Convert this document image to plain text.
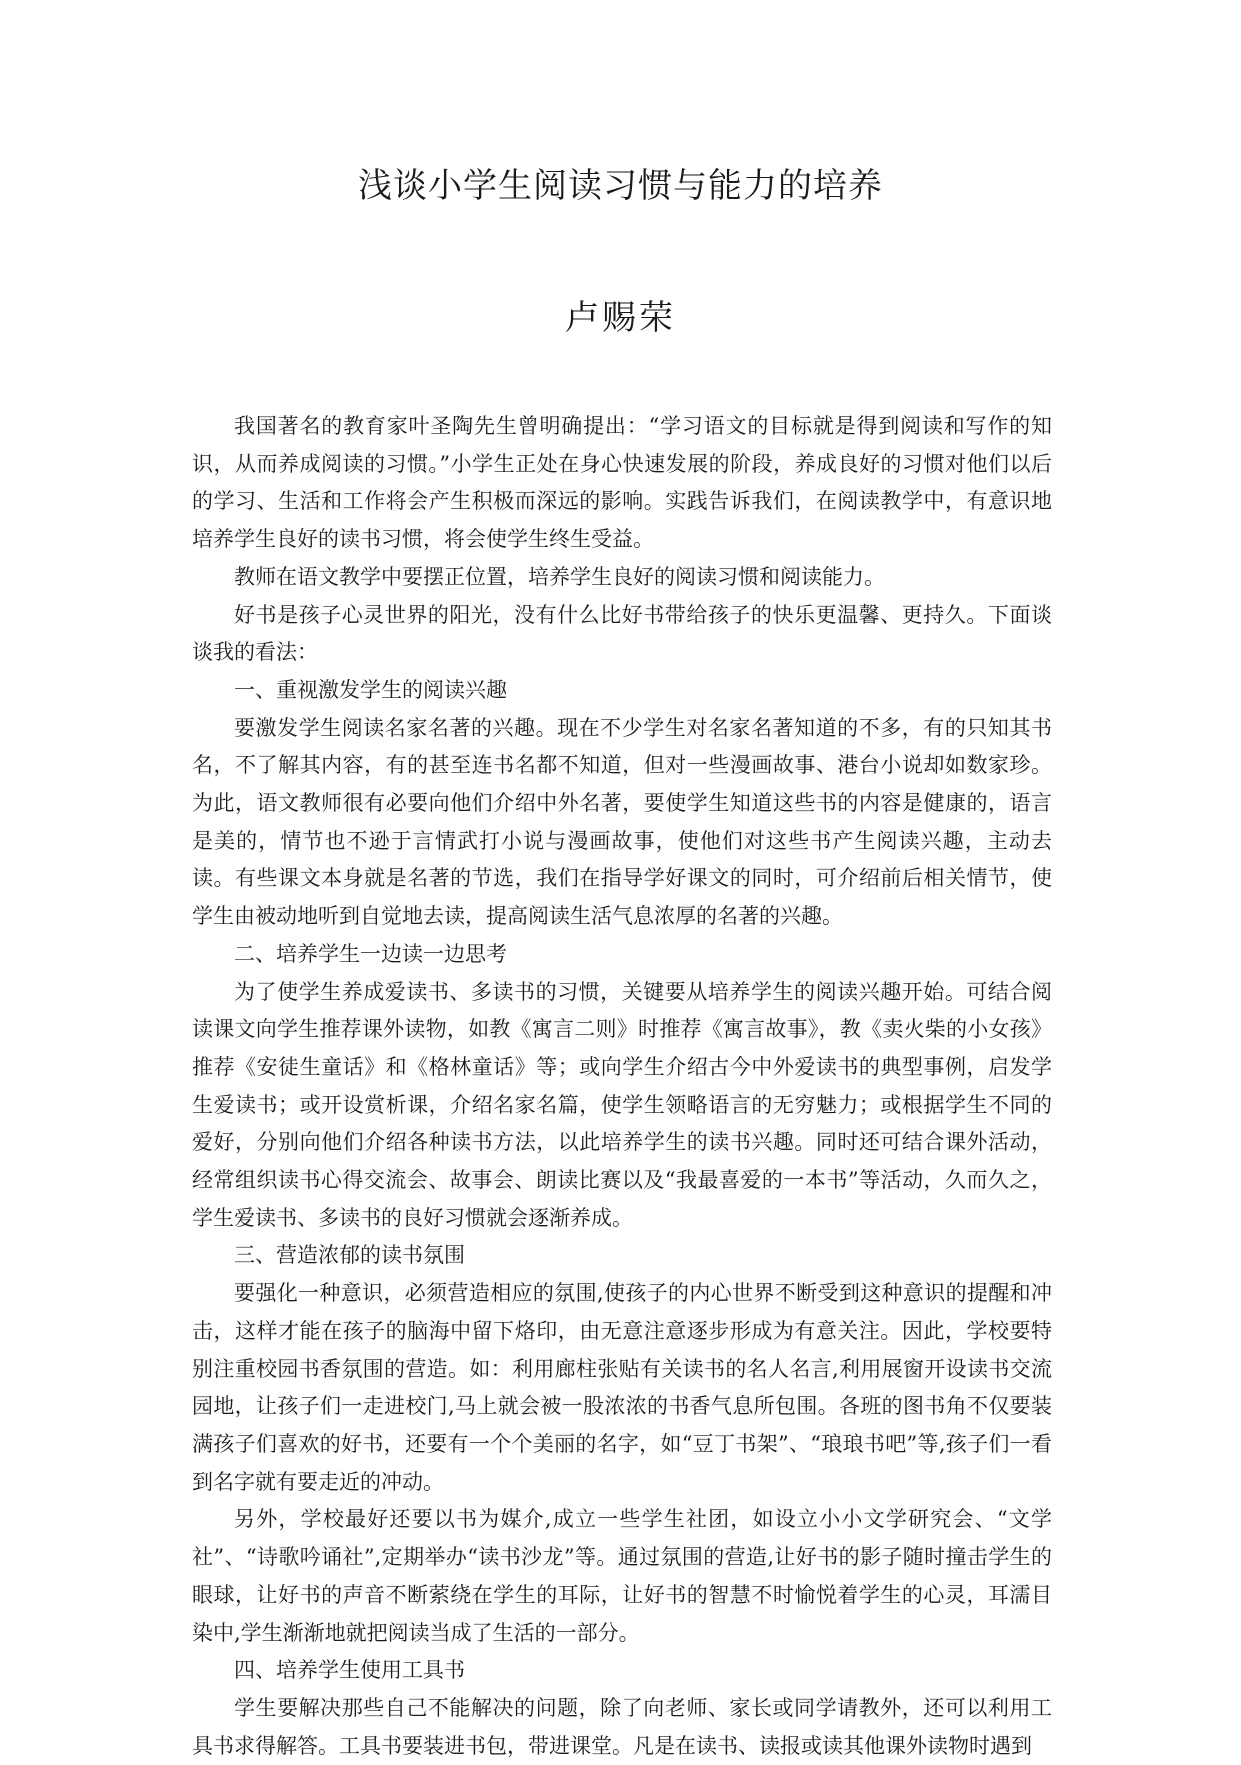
浅谈小学生阅读习惯与能力的培养
卢赐荣

我国著名的教育家叶圣陶先生曾明确提出：“学习语文的目标就是得到阅读和写作的知识，从而养成阅读的习惯。”小学生正处在身心快速发展的阶段，养成良好的习惯对他们以后的学习、生活和工作将会产生积极而深远的影响。实践告诉我们，在阅读教学中，有意识地培养学生良好的读书习惯，将会使学生终生受益。

教师在语文教学中要摆正位置，培养学生良好的阅读习惯和阅读能力。

好书是孩子心灵世界的阳光，没有什么比好书带给孩子的快乐更温馨、更持久。下面谈谈我的看法：

一、重视激发学生的阅读兴趣

要激发学生阅读名家名著的兴趣。现在不少学生对名家名著知道的不多，有的只知其书名，不了解其内容，有的甚至连书名都不知道，但对一些漫画故事、港台小说却如数家珍。为此，语文教师很有必要向他们介绍中外名著，要使学生知道这些书的内容是健康的，语言是美的，情节也不逊于言情武打小说与漫画故事，使他们对这些书产生阅读兴趣，主动去读。有些课文本身就是名著的节选，我们在指导学好课文的同时，可介绍前后相关情节，使学生由被动地听到自觉地去读，提高阅读生活气息浓厚的名著的兴趣。

二、培养学生一边读一边思考

为了使学生养成爱读书、多读书的习惯，关键要从培养学生的阅读兴趣开始。可结合阅读课文向学生推荐课外读物，如教《寓言二则》时推荐《寓言故事》，教《卖火柴的小女孩》推荐《安徒生童话》和《格林童话》等；或向学生介绍古今中外爱读书的典型事例，启发学生爱读书；或开设赏析课，介绍名家名篇，使学生领略语言的无穷魅力；或根据学生不同的爱好，分别向他们介绍各种读书方法，以此培养学生的读书兴趣。同时还可结合课外活动，经常组织读书心得交流会、故事会、朗读比赛以及“我最喜爱的一本书”等活动，久而久之，学生爱读书、多读书的良好习惯就会逐渐养成。

三、营造浓郁的读书氛围

要强化一种意识，必须营造相应的氛围,使孩子的内心世界不断受到这种意识的提醒和冲击，这样才能在孩子的脑海中留下烙印，由无意注意逐步形成为有意关注。因此，学校要特别注重校园书香氛围的营造。如：利用廊柱张贴有关读书的名人名言,利用展窗开设读书交流园地，让孩子们一走进校门,马上就会被一股浓浓的书香气息所包围。各班的图书角不仅要装满孩子们喜欢的好书，还要有一个个美丽的名字，如“豆丁书架”、“琅琅书吧”等,孩子们一看到名字就有要走近的冲动。

另外，学校最好还要以书为媒介,成立一些学生社团，如设立小小文学研究会、“文学社”、“诗歌吟诵社”,定期举办“读书沙龙”等。通过氛围的营造,让好书的影子随时撞击学生的眼球，让好书的声音不断萦绕在学生的耳际，让好书的智慧不时愉悦着学生的心灵，耳濡目染中,学生渐渐地就把阅读当成了生活的一部分。

四、培养学生使用工具书

学生要解决那些自己不能解决的问题，除了向老师、家长或同学请教外，还可以利用工具书求得解答。工具书要装进书包，带进课堂。凡是在读书、读报或读其他课外读物时遇到
